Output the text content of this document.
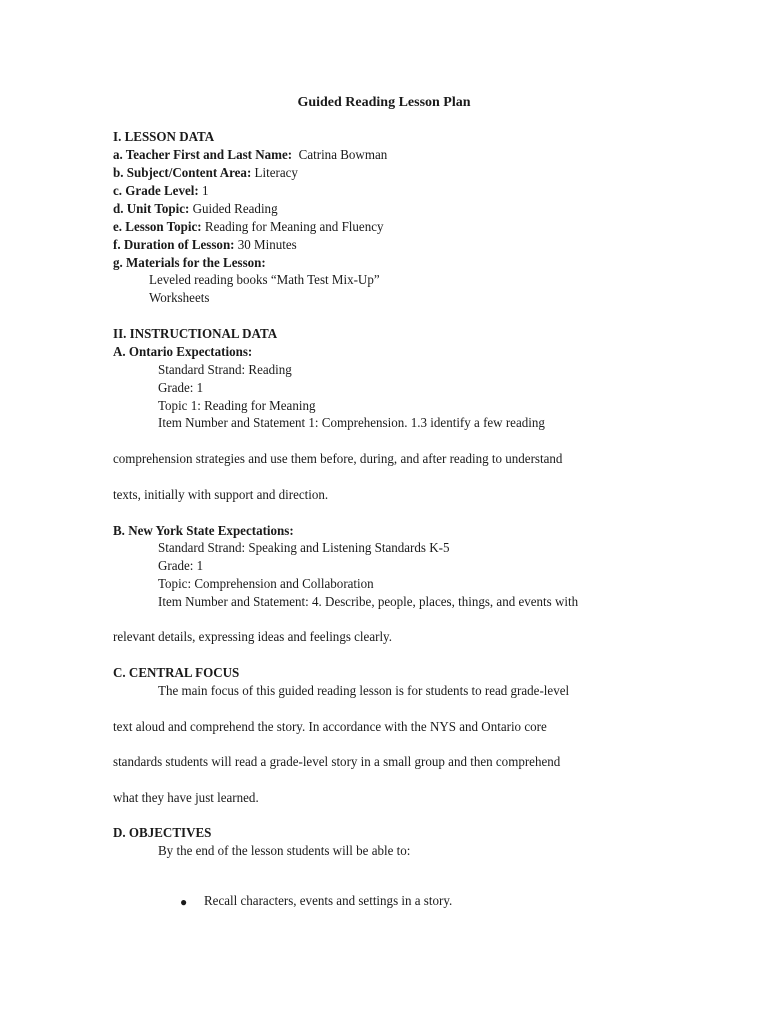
Guided Reading Lesson Plan
I. LESSON DATA
a. Teacher First and Last Name:  Catrina Bowman
b. Subject/Content Area: Literacy
c. Grade Level: 1
d. Unit Topic: Guided Reading
e. Lesson Topic: Reading for Meaning and Fluency
f. Duration of Lesson: 30 Minutes
g. Materials for the Lesson:
Leveled reading books “Math Test Mix-Up”
Worksheets
II. INSTRUCTIONAL DATA
A. Ontario Expectations:
Standard Strand: Reading
Grade: 1
Topic 1: Reading for Meaning
Item Number and Statement 1: Comprehension. 1.3 identify a few reading
comprehension strategies and use them before, during, and after reading to understand
texts, initially with support and direction.
B. New York State Expectations:
Standard Strand: Speaking and Listening Standards K-5
Grade: 1
Topic: Comprehension and Collaboration
Item Number and Statement: 4. Describe, people, places, things, and events with
relevant details, expressing ideas and feelings clearly.
C. CENTRAL FOCUS
The main focus of this guided reading lesson is for students to read grade-level
text aloud and comprehend the story. In accordance with the NYS and Ontario core
standards students will read a grade-level story in a small group and then comprehend
what they have just learned.
D. OBJECTIVES
By the end of the lesson students will be able to:
● Recall characters, events and settings in a story.
